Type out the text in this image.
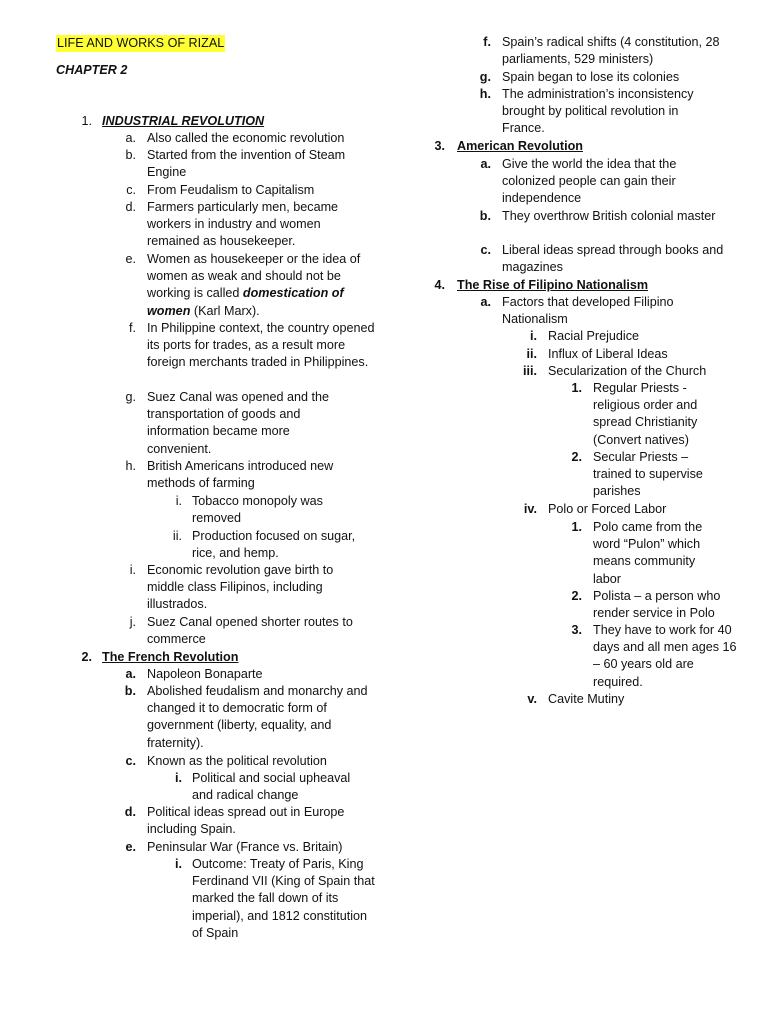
LIFE AND WORKS OF RIZAL
CHAPTER 2
1. INDUSTRIAL REVOLUTION
a. Also called the economic revolution
b. Started from the invention of Steam Engine
c. From Feudalism to Capitalism
d. Farmers particularly men, became workers in industry and women remained as housekeeper.
e. Women as housekeeper or the idea of women as weak and should not be working is called domestication of women (Karl Marx).
f. In Philippine context, the country opened its ports for trades, as a result more foreign merchants traded in Philippines.
g. Suez Canal was opened and the transportation of goods and information became more convenient.
h. British Americans introduced new methods of farming
i. Tobacco monopoly was removed
ii. Production focused on sugar, rice, and hemp.
i. Economic revolution gave birth to middle class Filipinos, including illustrados.
j. Suez Canal opened shorter routes to commerce
2. The French Revolution
a. Napoleon Bonaparte
b. Abolished feudalism and monarchy and changed it to democratic form of government (liberty, equality, and fraternity).
c. Known as the political revolution
i. Political and social upheaval and radical change
d. Political ideas spread out in Europe including Spain.
e. Peninsular War (France vs. Britain)
i. Outcome: Treaty of Paris, King Ferdinand VII (King of Spain that marked the fall down of its imperial), and 1812 constitution of Spain
f. Spain’s radical shifts (4 constitution, 28 parliaments, 529 ministers)
g. Spain began to lose its colonies
h. The administration’s inconsistency brought by political revolution in France.
3. American Revolution
a. Give the world the idea that the colonized people can gain their independence
b. They overthrow British colonial master
c. Liberal ideas spread through books and magazines
4. The Rise of Filipino Nationalism
a. Factors that developed Filipino Nationalism
i. Racial Prejudice
ii. Influx of Liberal Ideas
iii. Secularization of the Church
1. Regular Priests - religious order and spread Christianity (Convert natives)
2. Secular Priests – trained to supervise parishes
iv. Polo or Forced Labor
1. Polo came from the word “Pulon” which means community labor
2. Polista – a person who render service in Polo
3. They have to work for 40 days and all men ages 16 – 60 years old are required.
v. Cavite Mutiny
